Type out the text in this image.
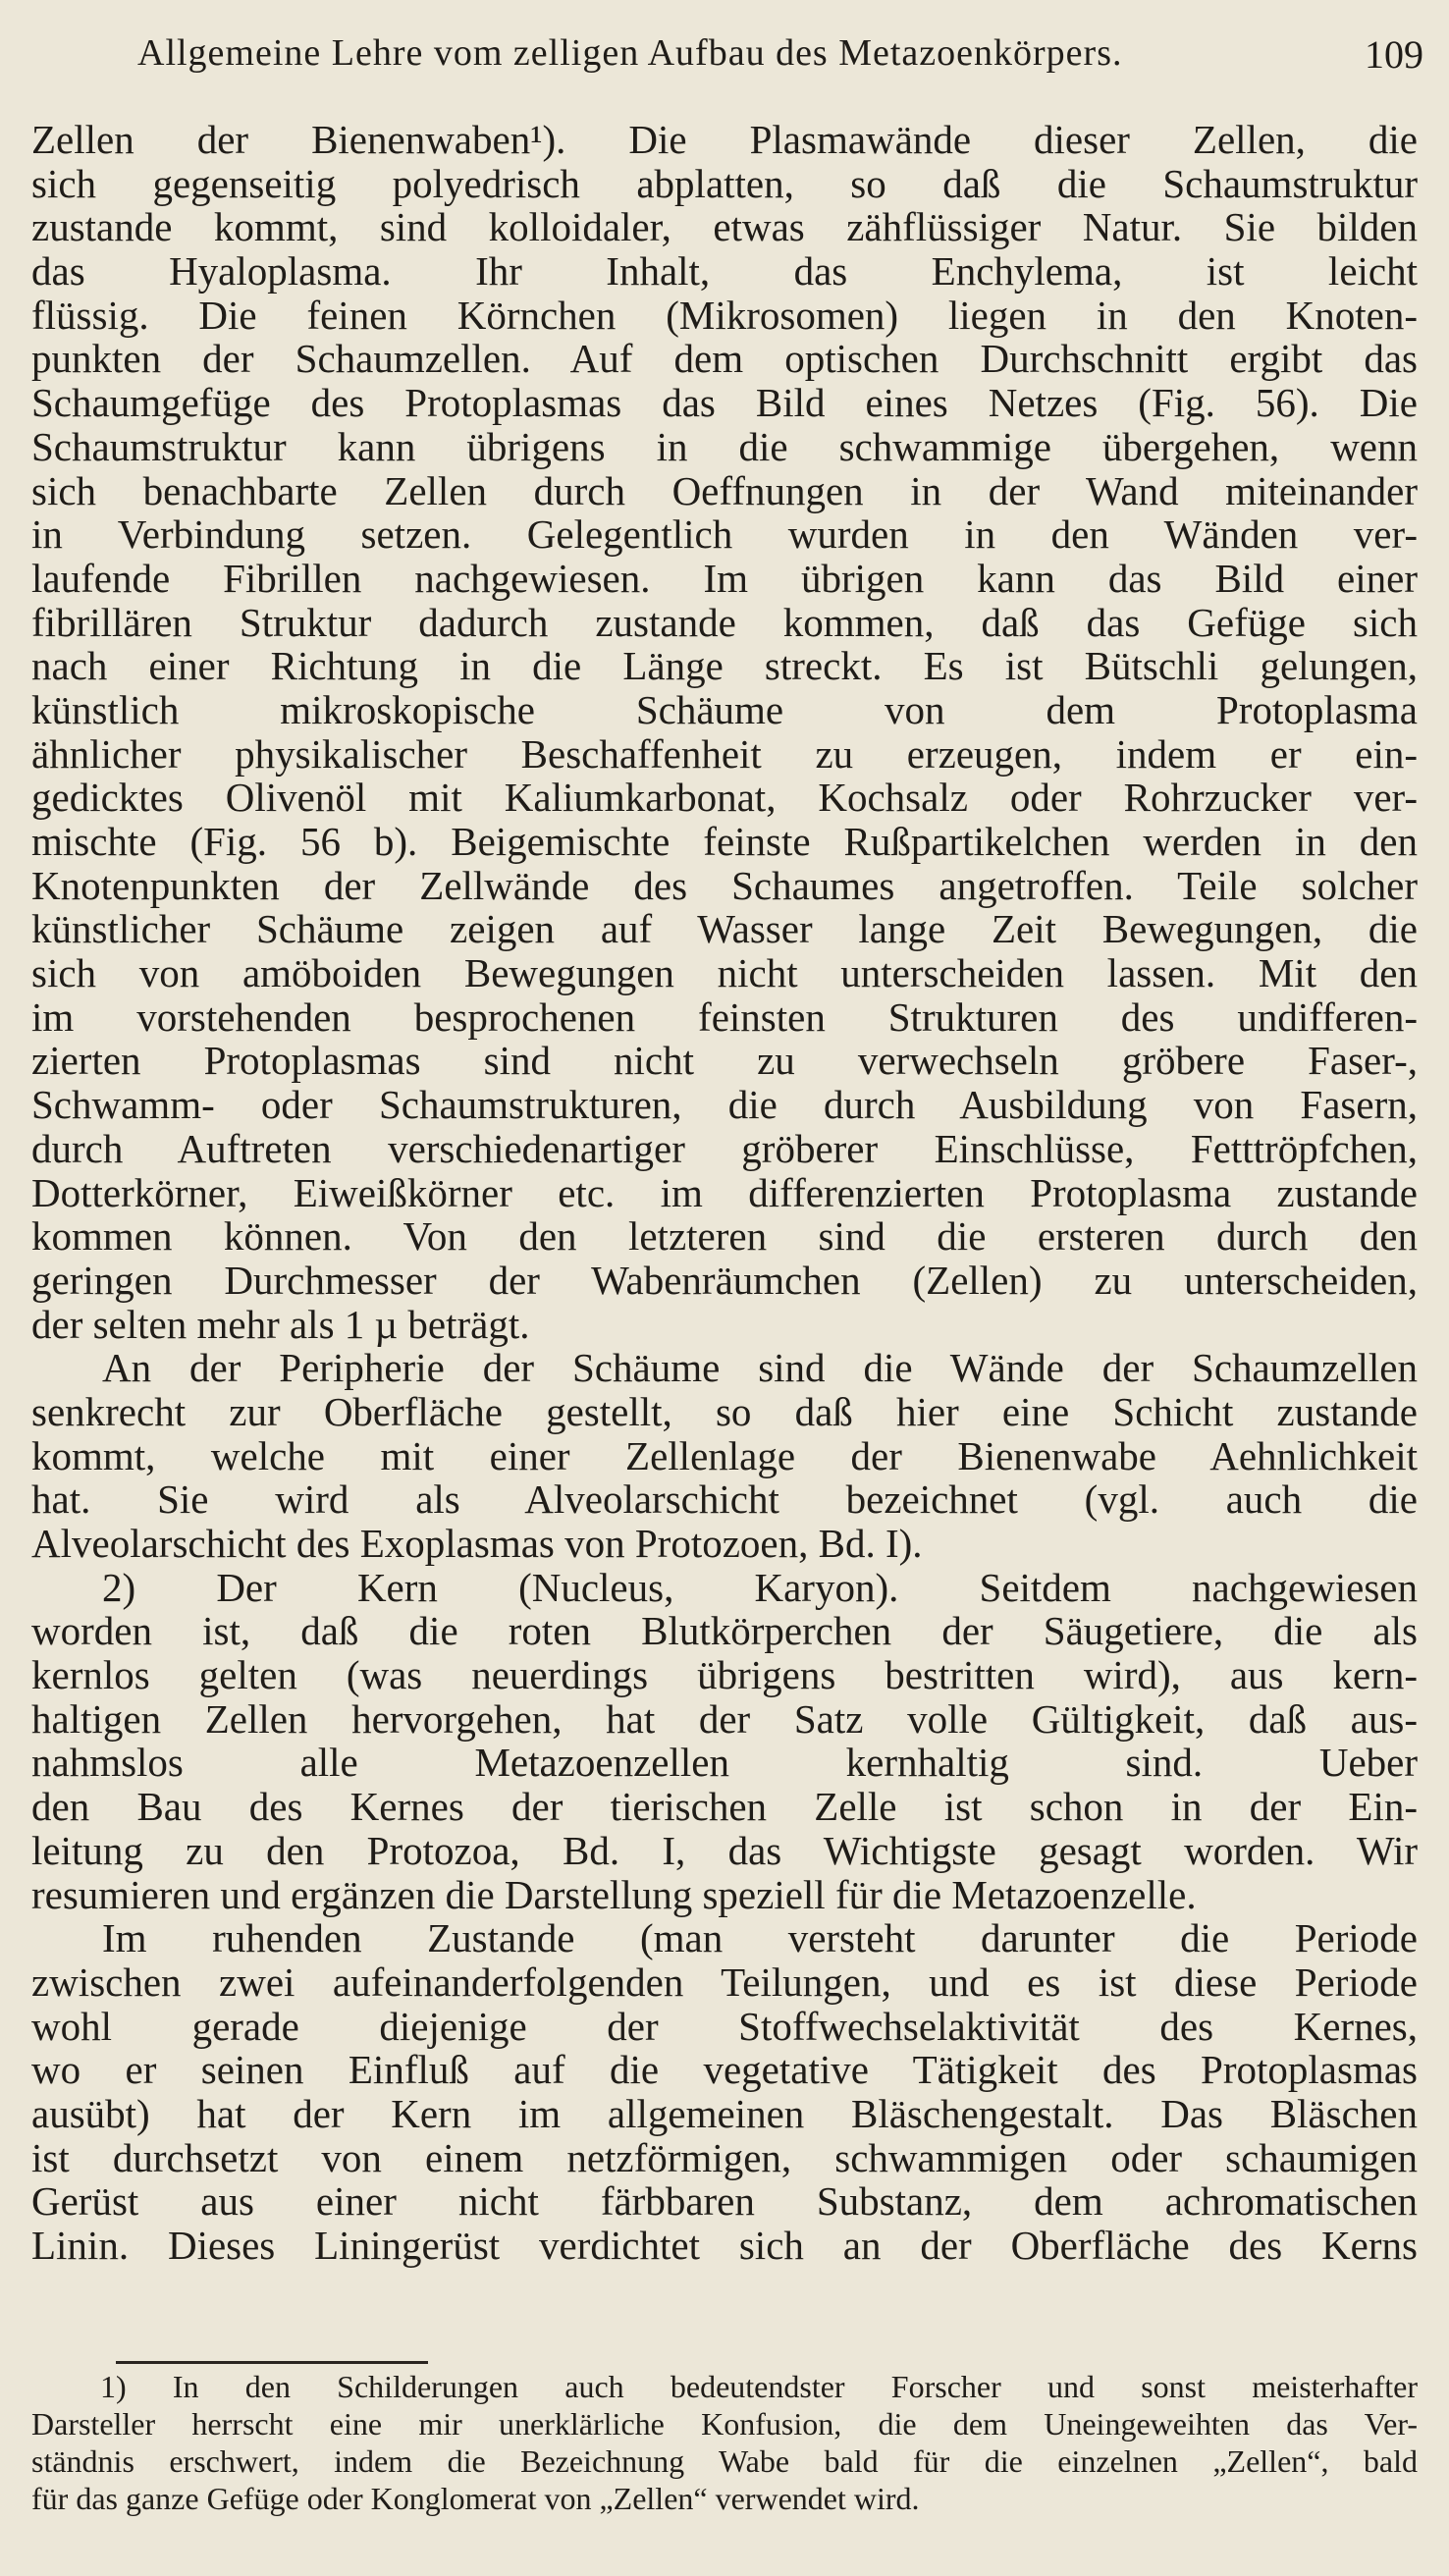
Allgemeine Lehre vom zelligen Aufbau des Metazoenkörpers.	109
Zellen der Bienenwaben¹). Die Plasmawände dieser Zellen, die
sich gegenseitig polyedrisch abplatten, so daß die Schaumstruktur
zustande kommt, sind kolloidaler, etwas zähflüssiger Natur. Sie bilden
das Hyaloplasma. Ihr Inhalt, das Enchylema, ist leicht
flüssig. Die feinen Körnchen (Mikrosomen) liegen in den Knoten-
punkten der Schaumzellen. Auf dem optischen Durchschnitt ergibt das
Schaumgefüge des Protoplasmas das Bild eines Netzes (Fig. 56). Die
Schaumstruktur kann übrigens in die schwammige übergehen, wenn
sich benachbarte Zellen durch Oeffnungen in der Wand miteinander
in Verbindung setzen. Gelegentlich wurden in den Wänden ver-
laufende Fibrillen nachgewiesen. Im übrigen kann das Bild einer
fibrillären Struktur dadurch zustande kommen, daß das Gefüge sich
nach einer Richtung in die Länge streckt. Es ist Bütschli gelungen,
künstlich mikroskopische Schäume von dem Protoplasma
ähnlicher physikalischer Beschaffenheit zu erzeugen, indem er ein-
gedicktes Olivenöl mit Kaliumkarbonat, Kochsalz oder Rohrzucker ver-
mischte (Fig. 56 b). Beigemischte feinste Rußpartikelchen werden in den
Knotenpunkten der Zellwände des Schaumes angetroffen. Teile solcher
künstlicher Schäume zeigen auf Wasser lange Zeit Bewegungen, die
sich von amöboiden Bewegungen nicht unterscheiden lassen. Mit den
im vorstehenden besprochenen feinsten Strukturen des undifferen-
zierten Protoplasmas sind nicht zu verwechseln gröbere Faser-,
Schwamm- oder Schaumstrukturen, die durch Ausbildung von Fasern,
durch Auftreten verschiedenartiger gröberer Einschlüsse, Fetttröpfchen,
Dotterkörner, Eiweißkörner etc. im differenzierten Protoplasma zustande
kommen können. Von den letzteren sind die ersteren durch den
geringen Durchmesser der Wabenräumchen (Zellen) zu unterscheiden,
der selten mehr als 1 µ beträgt.
An der Peripherie der Schäume sind die Wände der Schaumzellen
senkrecht zur Oberfläche gestellt, so daß hier eine Schicht zustande
kommt, welche mit einer Zellenlage der Bienenwabe Aehnlichkeit
hat. Sie wird als Alveolarschicht bezeichnet (vgl. auch die
Alveolarschicht des Exoplasmas von Protozoen, Bd. I).
2) Der Kern (Nucleus, Karyon). Seitdem nachgewiesen
worden ist, daß die roten Blutkörperchen der Säugetiere, die als
kernlos gelten (was neuerdings übrigens bestritten wird), aus kern-
haltigen Zellen hervorgehen, hat der Satz volle Gültigkeit, daß aus-
nahmslos alle Metazoenzellen kernhaltig sind. Ueber
den Bau des Kernes der tierischen Zelle ist schon in der Ein-
leitung zu den Protozoa, Bd. I, das Wichtigste gesagt worden. Wir
resumieren und ergänzen die Darstellung speziell für die Metazoenzelle.
Im ruhenden Zustande (man versteht darunter die Periode
zwischen zwei aufeinanderfolgenden Teilungen, und es ist diese Periode
wohl gerade diejenige der Stoffwechselaktivität des Kernes,
wo er seinen Einfluß auf die vegetative Tätigkeit des Protoplasmas
ausübt) hat der Kern im allgemeinen Bläschengestalt. Das Bläschen
ist durchsetzt von einem netzförmigen, schwammigen oder schaumigen
Gerüst aus einer nicht färbbaren Substanz, dem achromatischen
Linin. Dieses Liningerüst verdichtet sich an der Oberfläche des Kerns
1) In den Schilderungen auch bedeutendster Forscher und sonst meisterhafter
Darsteller herrscht eine mir unerklärliche Konfusion, die dem Uneingeweihten das Ver-
ständnis erschwert, indem die Bezeichnung Wabe bald für die einzelnen „Zellen“, bald
für das ganze Gefüge oder Konglomerat von „Zellen“ verwendet wird.
